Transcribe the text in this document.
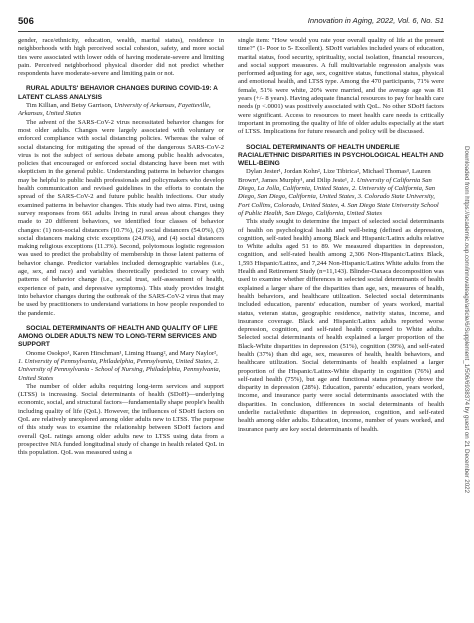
506	Innovation in Aging, 2022, Vol. 6, No. S1

gender, race/ethnicity, education, wealth, marital status), residence in neighborhoods with high perceived social cohesion, safety, and more social ties were associated with lower odds of having moderate-severe and limiting pain. Perceived neighborhood physical disorder did not predict whether respondents have moderate-severe and limiting pain or not.

RURAL ADULTS' BEHAVIOR CHANGES DURING COVID-19: A LATENT CLASS ANALYSIS

Tim Killian, and Betsy Garrison, University of Arkansas, Fayetteville, Arkansas, United States

The advent of the SARS-CoV-2 virus necessitated behavior changes for most older adults. Changes were largely associated with voluntary or enforced compliance with social distancing policies. Whereas the value of social distancing for mitigating the spread of the dangerous SARS-CoV-2 virus is not the subject of serious debate among public health advocates, policies that encouraged or enforced social distancing have been met with skepticism in the general public. Understanding patterns in behavior changes may be helpful to public health professionals and policymakers who develop health communication and revised guidelines in the efforts to contain the spread of the SARS-CoV-2 and future public health infections. Our study examined patterns in behavior changes. This study had two aims. First, using survey responses from 661 adults living in rural areas about changes they made to 20 different behaviors, we identified four classes of behavior changes: (1) non-social distancers (10.7%), (2) social distancers (54.0%), (3) social distancers making civic exceptions (24.0%), and (4) social distancers making religious exceptions (11.3%). Second, polytomous logistic regression was used to predict the probability of membership in those latent patterns of behavior change. Predictor variables included demographic variables (i.e., age, sex, and race) and variables theoretically predicted to covary with patterns of behavior change (i.e., social trust, self-assessment of health, experience of pain, and depressive symptoms). This study provides insight into behavior changes during the outbreak of the SARS-CoV-2 virus that may be used by practitioners to understand variations in how people responded to the pandemic.

SOCIAL DETERMINANTS OF HEALTH AND QUALITY OF LIFE AMONG OLDER ADULTS NEW TO LONG-TERM SERVICES AND SUPPORT

Onome Osokpo¹, Karen Hirschman¹, Liming Huang², and Mary Naylor², 1. University of Pennsylvania, Philadelphia, Pennsylvania, United States, 2. University of Pennsylvania - School of Nursing, Philadelphia, Pennsylvania, United States

The number of older adults requiring long-term services and support (LTSS) is increasing. Social determinants of health (SDoH)—underlying economic, social, and structural factors—fundamentally shape people's health including quality of life (QoL). However, the influences of SDoH factors on QoL are relatively unexplored among older adults new to LTSS. The purpose of this study was to examine the relationship between SDoH factors and overall QoL ratings among older adults new to LTSS using data from a prospective NIA funded longitudinal study of change in health related QoL in this population. QoL was measured using a

single item: "How would you rate your overall quality of life at the present time?" (1- Poor to 5- Excellent). SDoH variables included years of education, marital status, food security, spirituality, social isolation, financial resources, and social support measures. A full multivariable regression analysis was performed adjusting for age, sex, cognitive status, functional status, physical and emotional health, and LTSS type. Among the 470 participants, 71% were female, 51% were white, 20% were married, and the average age was 81 years (+/- 8 years). Having adequate financial resources to pay for health care needs (p <.0001) was positively associated with QoL. No other SDoH factors were significant. Access to resources to meet health care needs is critically important in promoting the quality of life of older adults especially at the start of LTSS. Implications for future research and policy will be discussed.

SOCIAL DETERMINANTS OF HEALTH UNDERLIE RACIAL/ETHNIC DISPARITIES IN PSYCHOLOGICAL HEALTH AND WELL-BEING

Dylan Jester¹, Jordan Kohn², Lize Tibirica², Michael Thomas³, Lauren Brown⁴, James Murphy¹, and Dilip Jeste¹, 1. University of California San Diego, La Jolla, California, United States, 2. University of California, San Diego, San Diego, California, United States, 3. Colorado State University, Fort Collins, Colorado, United States, 4. San Diego State University School of Public Health, San Diego, California, United States

This study sought to determine the impact of selected social determinants of health on psychological health and well-being (defined as depression, cognition, self-rated health) among Black and Hispanic/Latinx adults relative to White adults aged 51 to 89. We measured disparities in depression, cognition, and self-rated health among 2,306 Non-Hispanic/Latinx Black, 1,593 Hispanic/Latinx, and 7,244 Non-Hispanic/Latinx White adults from the Health and Retirement Study (n=11,143). Blinder-Oaxaca decomposition was used to examine whether differences in selected social determinants of health explained a larger share of the disparities than age, sex, measures of health, health behaviors, and healthcare utilization. Selected social determinants included education, parents' education, number of years worked, marital status, veteran status, geographic residence, nativity status, income, and insurance coverage. Black and Hispanic/Latinx adults reported worse depression, cognition, and self-rated health compared to White adults. Selected social determinants of health explained a larger proportion of the Black-White disparities in depression (51%), cognition (39%), and self-rated health (37%) than did age, sex, measures of health, health behaviors, and healthcare utilization. Social determinants of health explained a larger proportion of the Hispanic/Latinx-White disparity in cognition (76%) and self-rated health (75%), but age and functional status primarily drove the disparity in depression (28%). Education, parents' education, years worked, income, and insurance party were social determinants associated with the disparities. In conclusion, differences in social determinants of health underlie racial/ethnic disparities in depression, cognition, and self-rated health among older adults. Education, income, number of years worked, and insurance party are key social determinants of health.	Downloaded from https://academic.oup.com/innovateage/article/6/Supplement_1/506/6938374 by guest on 21 December 2022
